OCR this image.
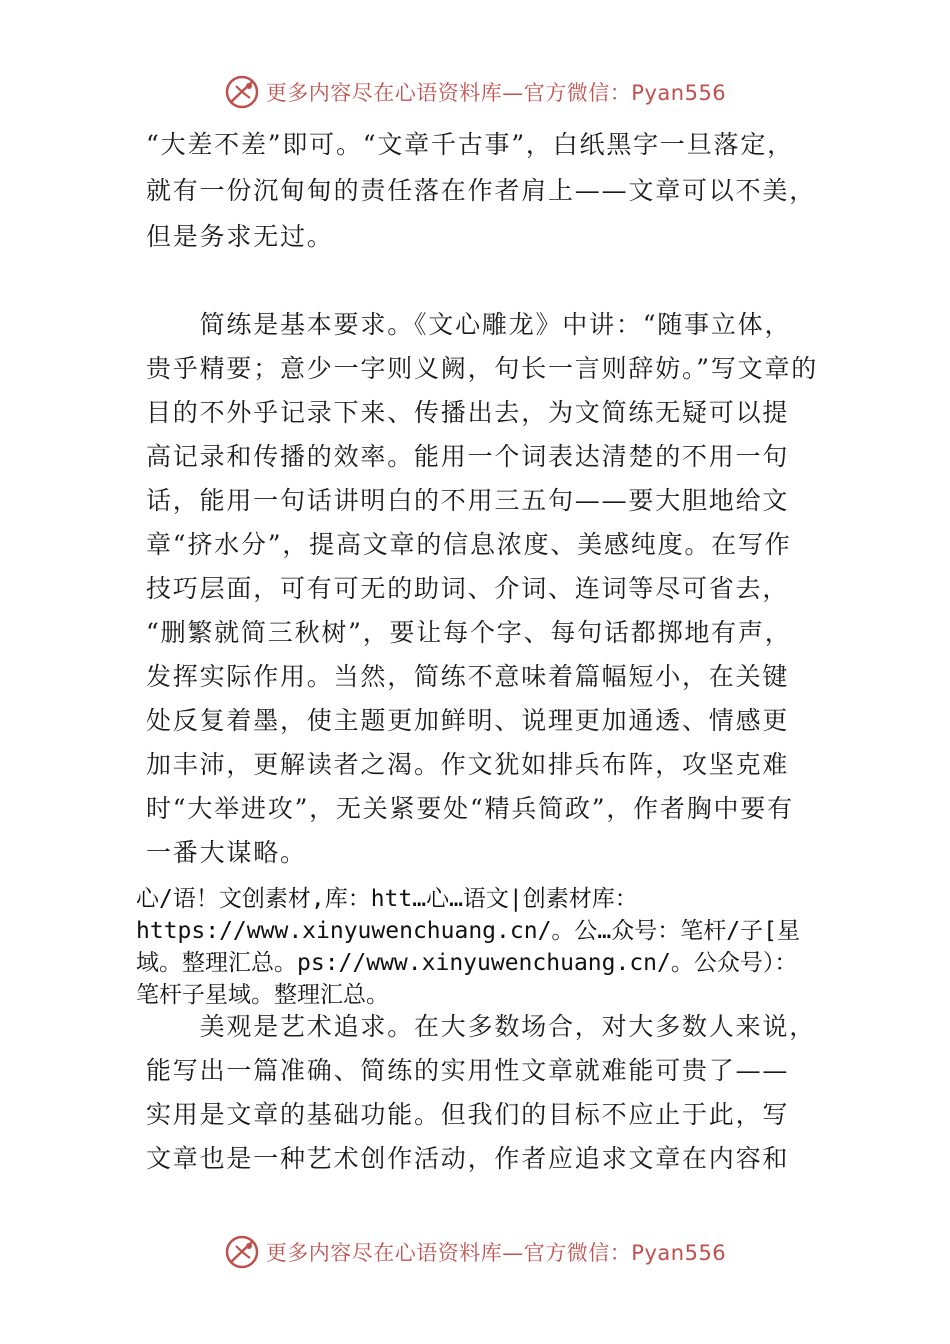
更多内容尽在心语资料库—官方微信：Pyan556
“大差不差”即可。“文章千古事”，白纸黑字一旦落定，
就有一份沉甸甸的责任落在作者肩上——文章可以不美，
但是务求无过。
　　简练是基本要求。《文心雕龙》中讲：“随事立体，
贵乎精要；意少一字则义阙，句长一言则辞妨。”写文章的
目的不外乎记录下来、传播出去，为文简练无疑可以提
高记录和传播的效率。能用一个词表达清楚的不用一句
话，能用一句话讲明白的不用三五句——要大胆地给文
章“挤水分”，提高文章的信息浓度、美感纯度。在写作
技巧层面，可有可无的助词、介词、连词等尽可省去，
“删繁就简三秋树”，要让每个字、每句话都掷地有声，
发挥实际作用。当然，简练不意味着篇幅短小，在关键
处反复着墨，使主题更加鲜明、说理更加通透、情感更
加丰沛，更解读者之渴。作文犹如排兵布阵，攻坚克难
时“大举进攻”，无关紧要处“精兵简政”，作者胸中要有
一番大谋略。
心/语！文创素材,库：htt…心…语文|创素材库：
https://www.xinyuwenchuang.cn/。公…众号：笔杆/子[星
域。整理汇总。ps://www.xinyuwenchuang.cn/。公众号）：
笔杆子星域。整理汇总。
　　美观是艺术追求。在大多数场合，对大多数人来说，
能写出一篇准确、简练的实用性文章就难能可贵了——
实用是文章的基础功能。但我们的目标不应止于此，写
文章也是一种艺术创作活动，作者应追求文章在内容和
更多内容尽在心语资料库—官方微信：Pyan556
